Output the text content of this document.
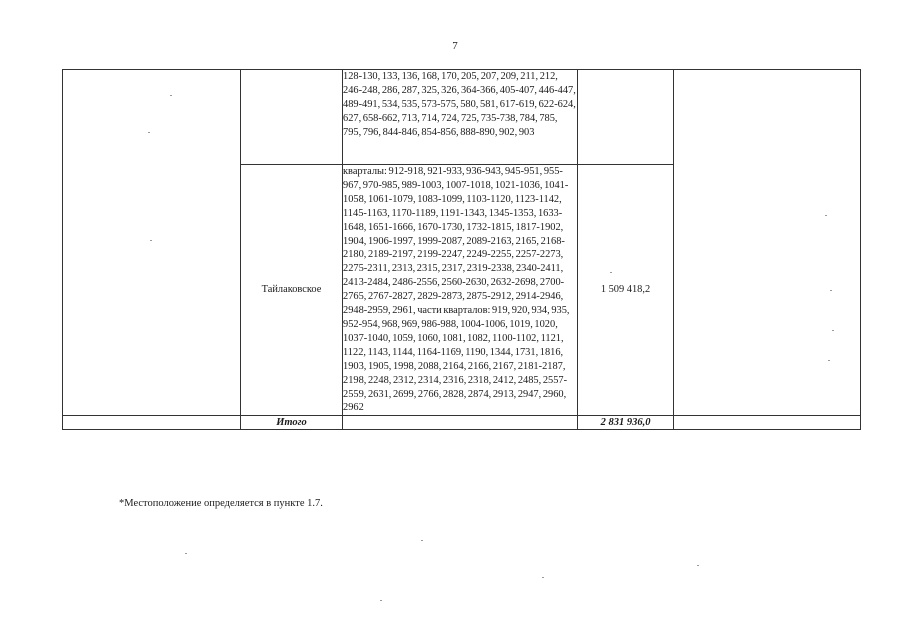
7
		128-130, 133, 136, 168, 170, 205, 207, 209, 211, 212, 246-248, 286, 287, 325, 326, 364-366, 405-407, 446-447, 489-491, 534, 535, 573-575, 580, 581, 617-619, 622-624, 627, 658-662, 713, 714, 724, 725, 735-738, 784, 785, 795, 796, 844-846, 854-856, 888-890, 902, 903		
	Тайлаковское	кварталы: 912-918, 921-933, 936-943, 945-951, 955-967, 970-985, 989-1003, 1007-1018, 1021-1036, 1041-1058, 1061-1079, 1083-1099, 1103-1120, 1123-1142, 1145-1163, 1170-1189, 1191-1343, 1345-1353, 1633-1648, 1651-1666, 1670-1730, 1732-1815, 1817-1902, 1904, 1906-1997, 1999-2087, 2089-2163, 2165, 2168-2180, 2189-2197, 2199-2247, 2249-2255, 2257-2273, 2275-2311, 2313, 2315, 2317, 2319-2338, 2340-2411, 2413-2484, 2486-2556, 2560-2630, 2632-2698, 2700-2765, 2767-2827, 2829-2873, 2875-2912, 2914-2946, 2948-2959, 2961, части кварталов: 919, 920, 934, 935, 952-954, 968, 969, 986-988, 1004-1006, 1019, 1020, 1037-1040, 1059, 1060, 1081, 1082, 1100-1102, 1121, 1122, 1143, 1144, 1164-1169, 1190, 1344, 1731, 1816, 1903, 1905, 1998, 2088, 2164, 2166, 2167, 2181-2187, 2198, 2248, 2312, 2314, 2316, 2318, 2412, 2485, 2557-2559, 2631, 2699, 2766, 2828, 2874, 2913, 2947, 2960, 2962	1 509 418,2	
	Итого		2 831 936,0	
*Местоположение определяется в пункте 1.7.
